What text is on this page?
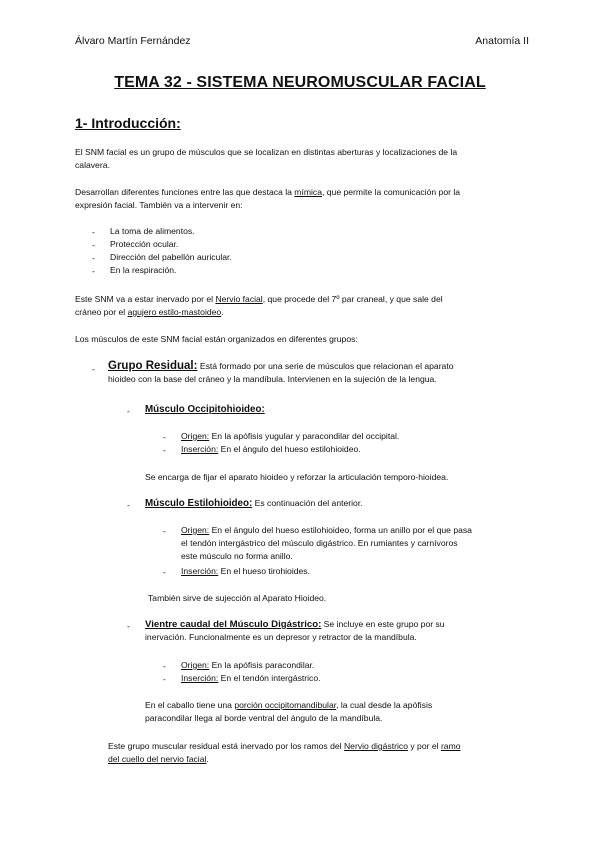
Álvaro Martín Fernández	Anatomía II
TEMA 32 - SISTEMA NEUROMUSCULAR FACIAL
1- Introducción:
El SNM facial es un grupo de músculos que se localizan en distintas aberturas y localizaciones de la
calavera.
Desarrollan diferentes funciones entre las que destaca la mímica, que permite la comunicación por la
expresión facial. También va a intervenir en:
- La toma de alimentos.
- Protección ocular.
- Dirección del pabellón auricular.
- En la respiración.
Este SNM va a estar inervado por el Nervio facial, que procede del 7º par craneal, y que sale del
cráneo por el agujero estilo-mastoideo.
Los músculos de este SNM facial están organizados en diferentes grupos:
- Grupo Residual: Está formado por una serie de músculos que relacionan el aparato
hioideo con la base del cráneo y la mandíbula. Intervienen en la sujeción de la lengua.
- Músculo Occipitohioideo:
- Origen: En la apófisis yugular y paracondilar del occipital.
- Inserción: En el ángulo del hueso estilohioideo.
Se encarga de fijar el aparato hioideo y reforzar la articulación temporo-hioidea.
- Músculo Estilohioideo: Es continuación del anterior.
- Origen: En el ángulo del hueso estilohioideo, forma un anillo por el que pasa
el tendón intergástrico del músculo digástrico. En rumiantes y carnívoros
este músculo no forma anillo.
- Inserción: En el hueso tirohioides.
También sirve de sujección al Aparato Hioideo.
- Vientre caudal del Músculo Digástrico: Se incluye en este grupo por su
inervación. Funcionalmente es un depresor y retractor de la mandíbula.
- Origen: En la apófisis paracondilar.
- Inserción: En el tendón intergástrico.
En el caballo tiene una porción occipitomandibular, la cual desde la apófisis
paracondilar llega al borde ventral del ángulo de la mandíbula.
Este grupo muscular residual está inervado por los ramos del Nervio digástrico y por el ramo
del cuello del nervio facial.
